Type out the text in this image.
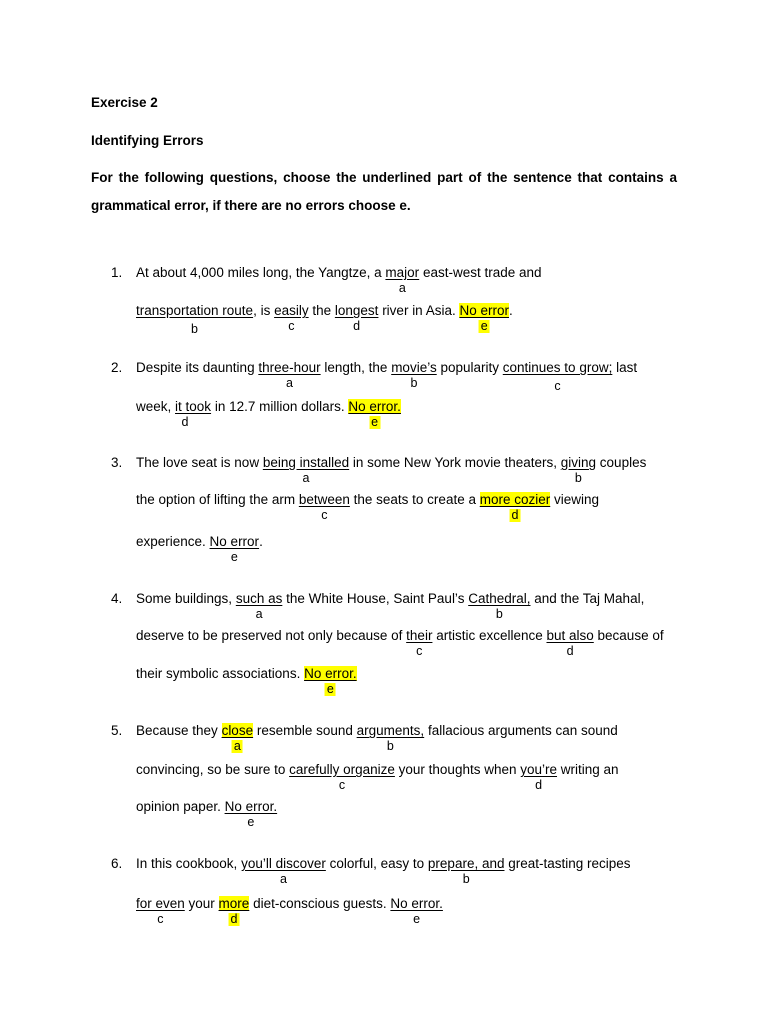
Exercise 2
Identifying Errors
For the following questions, choose the underlined part of the sentence that contains a grammatical error, if there are no errors choose e.
1. At about 4,000 miles long, the Yangtze, a major
a
east-west trade and
transportation route
b
, is easily
c
the longest
d
river in Asia. No error
e
.
2. Despite its daunting three-hour
a
length, the movie’s
b
popularity continues to grow;
c
last
week, it took
d
in 12.7 million dollars. No error.
e
3. The love seat is now being installed
a
in some New York movie theaters, giving
b
couples
the option of lifting the arm between
c
the seats to create a more cozier
d
viewing
experience. No error
e
.
4. Some buildings, such as
a
the White House, Saint Paul’s Cathedral,
b
and the Taj Mahal,
deserve to be preserved not only because of their
c
artistic excellence but also
d
because of
their symbolic associations. No error.
e
5. Because they close
a
resemble sound arguments,
b
fallacious arguments can sound
convincing, so be sure to carefully organize
c
your thoughts when you’re
d
writing an
opinion paper. No error.
e
6. In this cookbook, you’ll discover
a
colorful, easy to prepare, and
b
great-tasting recipes
for even
c
your more
d
diet-conscious guests. No error.
e
